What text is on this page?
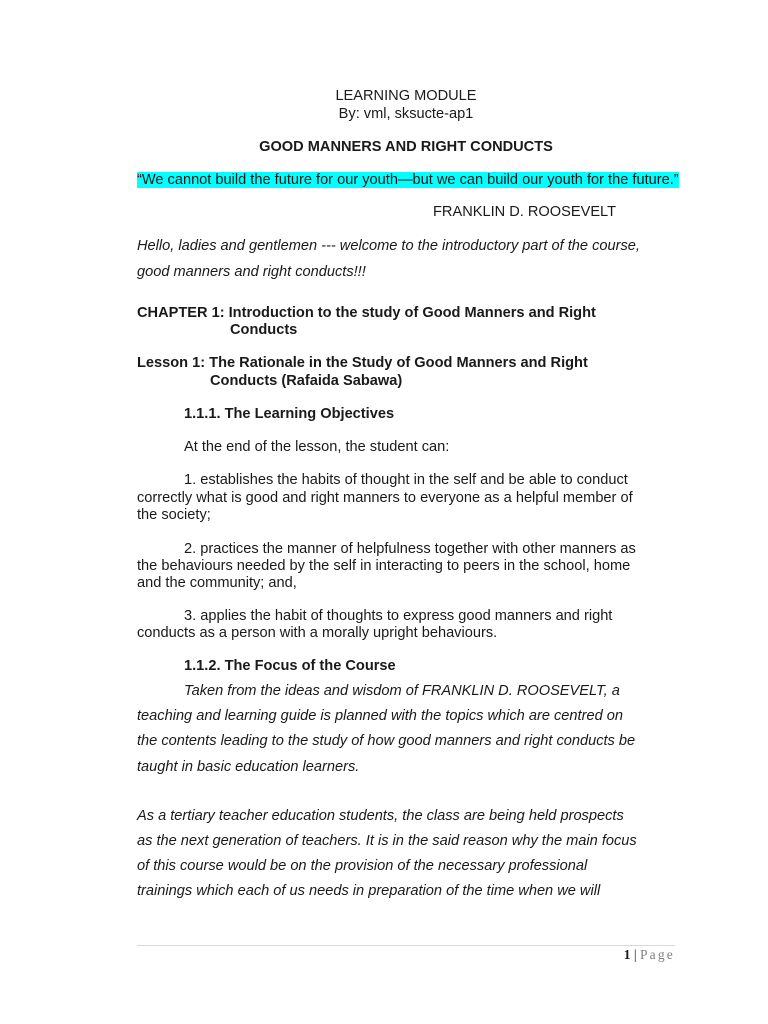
LEARNING MODULE
By: vml, sksucte-ap1
GOOD MANNERS AND RIGHT CONDUCTS
“We cannot build the future for our youth—but we can build our youth for the future.”
FRANKLIN D. ROOSEVELT
Hello, ladies and gentlemen --- welcome to the introductory part of the course,
good manners and right conducts!!!
CHAPTER 1: Introduction to the study of Good Manners and Right
Conducts
Lesson 1: The Rationale in the Study of Good Manners and Right
Conducts (Rafaida Sabawa)
1.1.1. The Learning Objectives
At the end of the lesson, the student can:
1. establishes the habits of thought in the self and be able to conduct
correctly what is good and right manners to everyone as a helpful member of
the society;
2. practices the manner of helpfulness together with other manners as
the behaviours needed by the self in interacting to peers in the school, home
and the community; and,
3. applies the habit of thoughts to express good manners and right
conducts as a person with a morally upright behaviours.
1.1.2. The Focus of the Course
Taken from the ideas and wisdom of FRANKLIN D. ROOSEVELT, a
teaching and learning guide is planned with the topics which are centred on
the contents leading to the study of how good manners and right conducts be
taught in basic education learners.
As a tertiary teacher education students, the class are being held prospects
as the next generation of teachers. It is in the said reason why the main focus
of this course would be on the provision of the necessary professional
trainings which each of us needs in preparation of the time when we will
1 | Page
